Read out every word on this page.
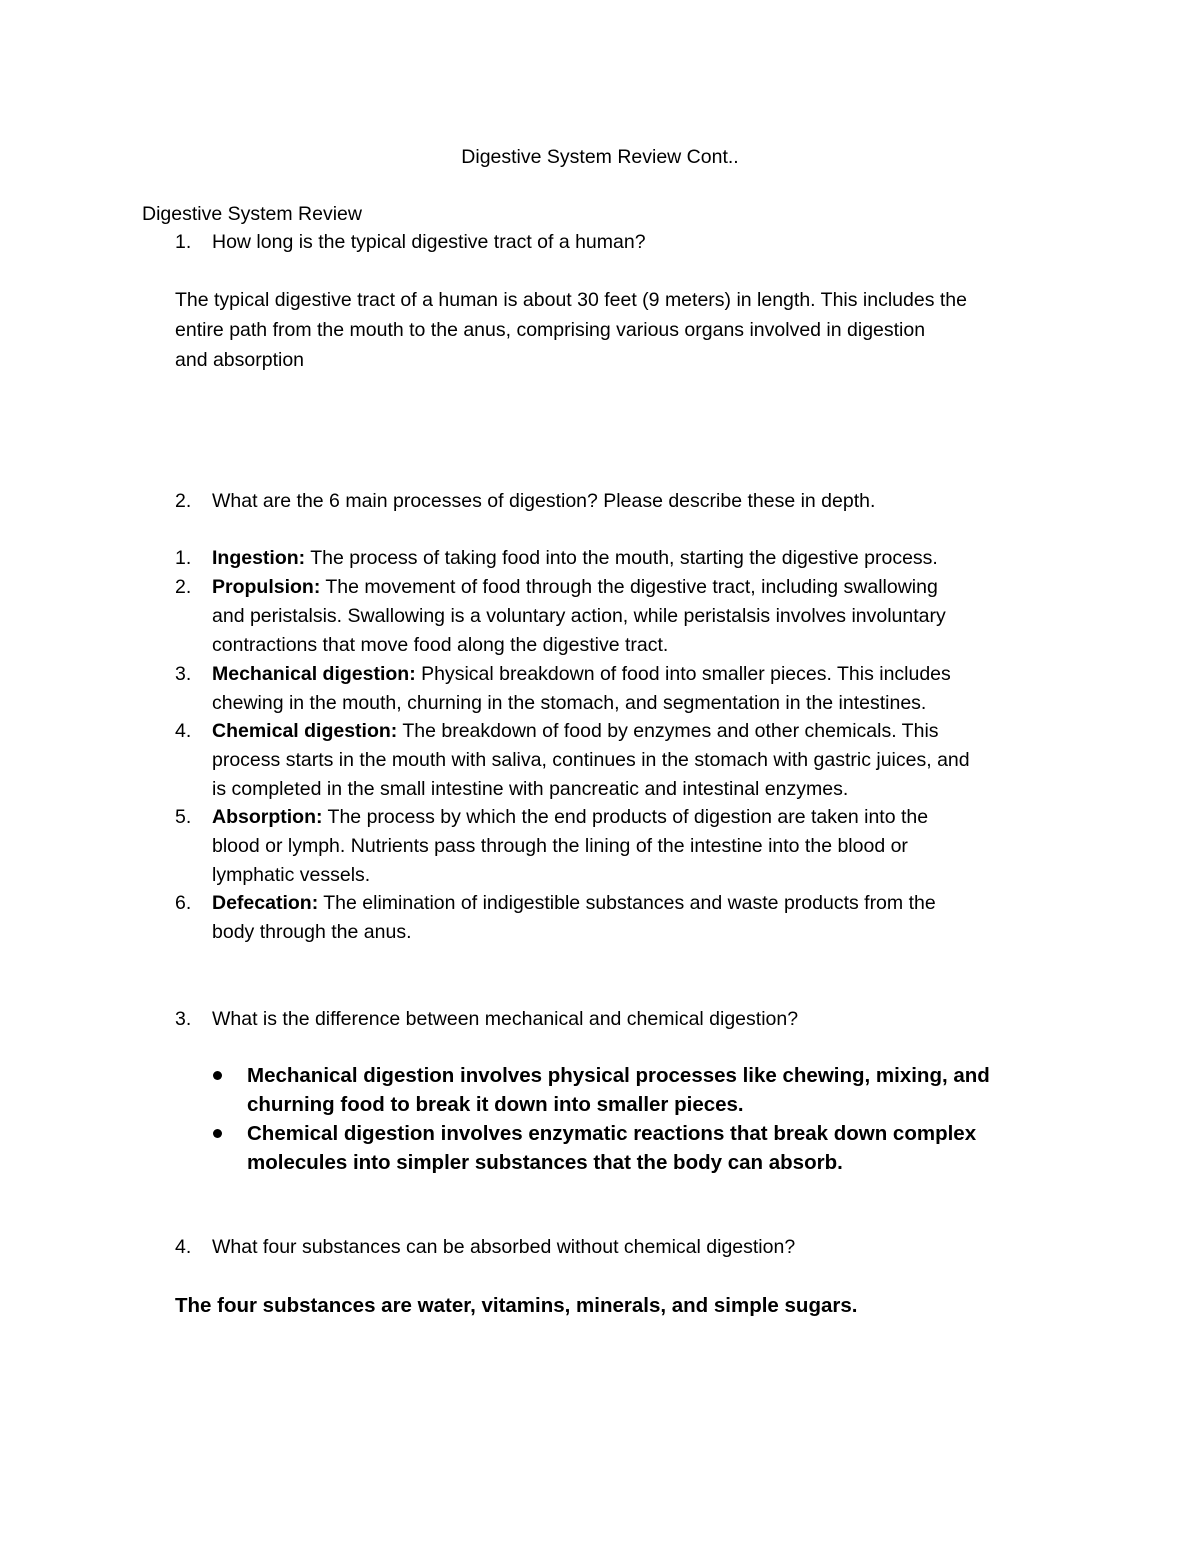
Digestive System Review Cont..
Digestive System Review
1.	How long is the typical digestive tract of a human?
The typical digestive tract of a human is about 30 feet (9 meters) in length. This includes the
entire path from the mouth to the anus, comprising various organs involved in digestion
and absorption
2.	What are the 6 main processes of digestion? Please describe these in depth.
1.	Ingestion: The process of taking food into the mouth, starting the digestive process.
2.	Propulsion: The movement of food through the digestive tract, including swallowing
and peristalsis. Swallowing is a voluntary action, while peristalsis involves involuntary
contractions that move food along the digestive tract.
3.	Mechanical digestion: Physical breakdown of food into smaller pieces. This includes
chewing in the mouth, churning in the stomach, and segmentation in the intestines.
4.	Chemical digestion: The breakdown of food by enzymes and other chemicals. This
process starts in the mouth with saliva, continues in the stomach with gastric juices, and
is completed in the small intestine with pancreatic and intestinal enzymes.
5.	Absorption: The process by which the end products of digestion are taken into the
blood or lymph. Nutrients pass through the lining of the intestine into the blood or
lymphatic vessels.
6.	Defecation: The elimination of indigestible substances and waste products from the
body through the anus.
3.	What is the difference between mechanical and chemical digestion?
Mechanical digestion involves physical processes like chewing, mixing, and
churning food to break it down into smaller pieces.
Chemical digestion involves enzymatic reactions that break down complex
molecules into simpler substances that the body can absorb.
4.	What four substances can be absorbed without chemical digestion?
The four substances are water, vitamins, minerals, and simple sugars.
